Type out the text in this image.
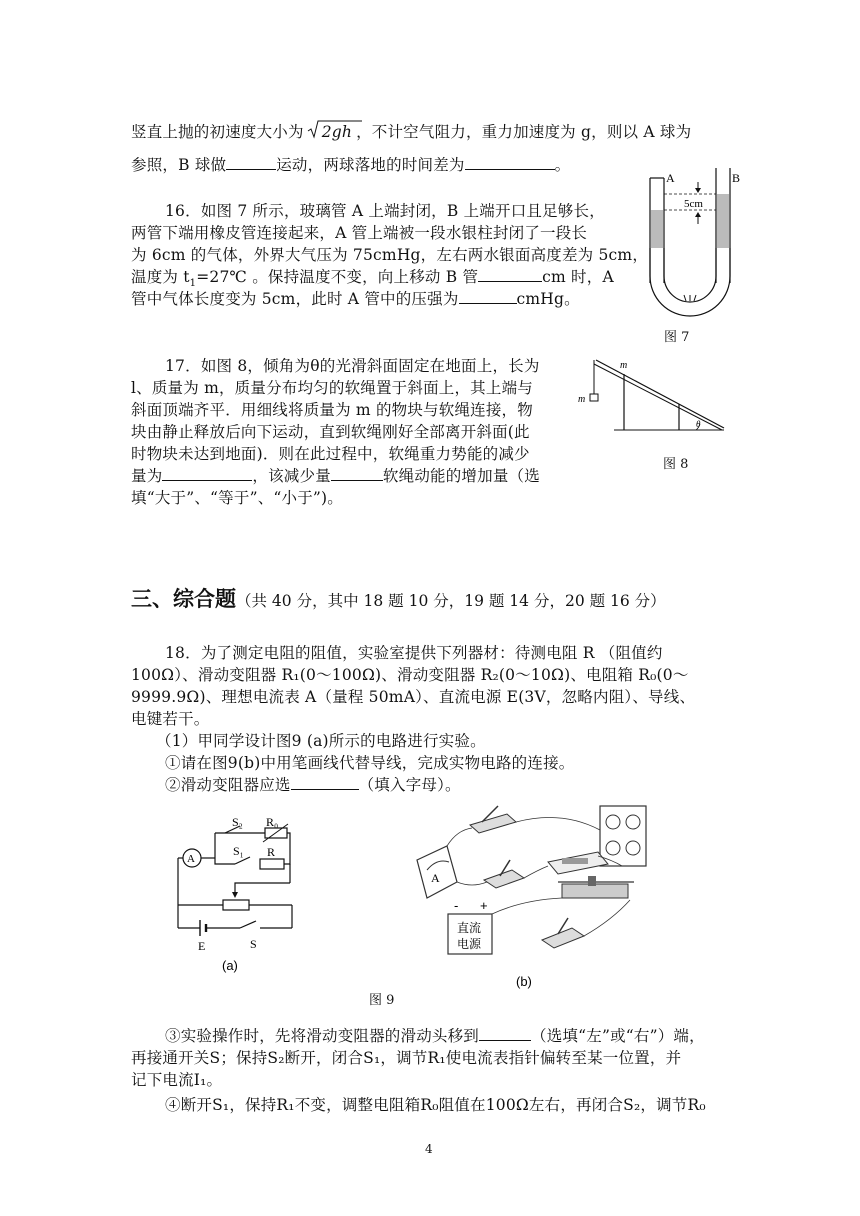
竖直上抛的初速度大小为 2gh ，不计空气阻力，重力加速度为 g，则以 A 球为
参照，B 球做	运动，两球落地的时间差为	。
16．如图 7 所示，玻璃管 A 上端封闭，B 上端开口且足够长，
两管下端用橡皮管连接起来，A 管上端被一段水银柱封闭了一段长
为 6cm 的气体，外界大气压为 75cmHg，左右两水银面高度差为 5cm，
温度为 $t_1=27℃$ 。保持温度不变，向上移动 B 管	cm 时，A
管中气体长度变为 5cm，此时 A 管中的压强为	cmHg。
A	B
5cm
图 7
17．如图 8，倾角为θ的光滑斜面固定在地面上，长为
l、质量为 m，质量分布均匀的软绳置于斜面上，其上端与
斜面顶端齐平．用细线将质量为 m 的物块与软绳连接，物
块由静止释放后向下运动，直到软绳刚好全部离开斜面(此
时物块未达到地面)．则在此过程中，软绳重力势能的减少
量为	，该减少量	软绳动能的增加量（选
填“大于”、“等于”、“小于”)。
m
m
θ
图 8
三、综合题（共 40 分，其中 18 题 10 分，19 题 14 分，20 题 16 分）
18．为了测定电阻的阻值，实验室提供下列器材：待测电阻 R （阻值约
100Ω）、滑动变阻器 R₁(0～100Ω)、滑动变阻器 R₂(0～10Ω)、电阻箱 R₀(0～
9999.9Ω)、理想电流表 A（量程 50mA）、直流电源 E(3V，忽略内阻）、导线、
电键若干。
（1）甲同学设计图9 (a)所示的电路进行实验。
①请在图9(b)中用笔画线代替导线，完成实物电路的连接。
②滑动变阻器应选	（填入字母）。
S₂ R₀
S₁ R
A
E	S
(a)
A
- +
直流
电源
(b)
图 9
③实验操作时，先将滑动变阻器的滑动头移到	（选填“左”或“右”）端，
再接通开关S；保持S₂断开，闭合S₁，调节R₁使电流表指针偏转至某一位置，并
记下电流I₁。
④断开S₁，保持R₁不变，调整电阻箱R₀阻值在100Ω左右，再闭合S₂，调节R₀
4
